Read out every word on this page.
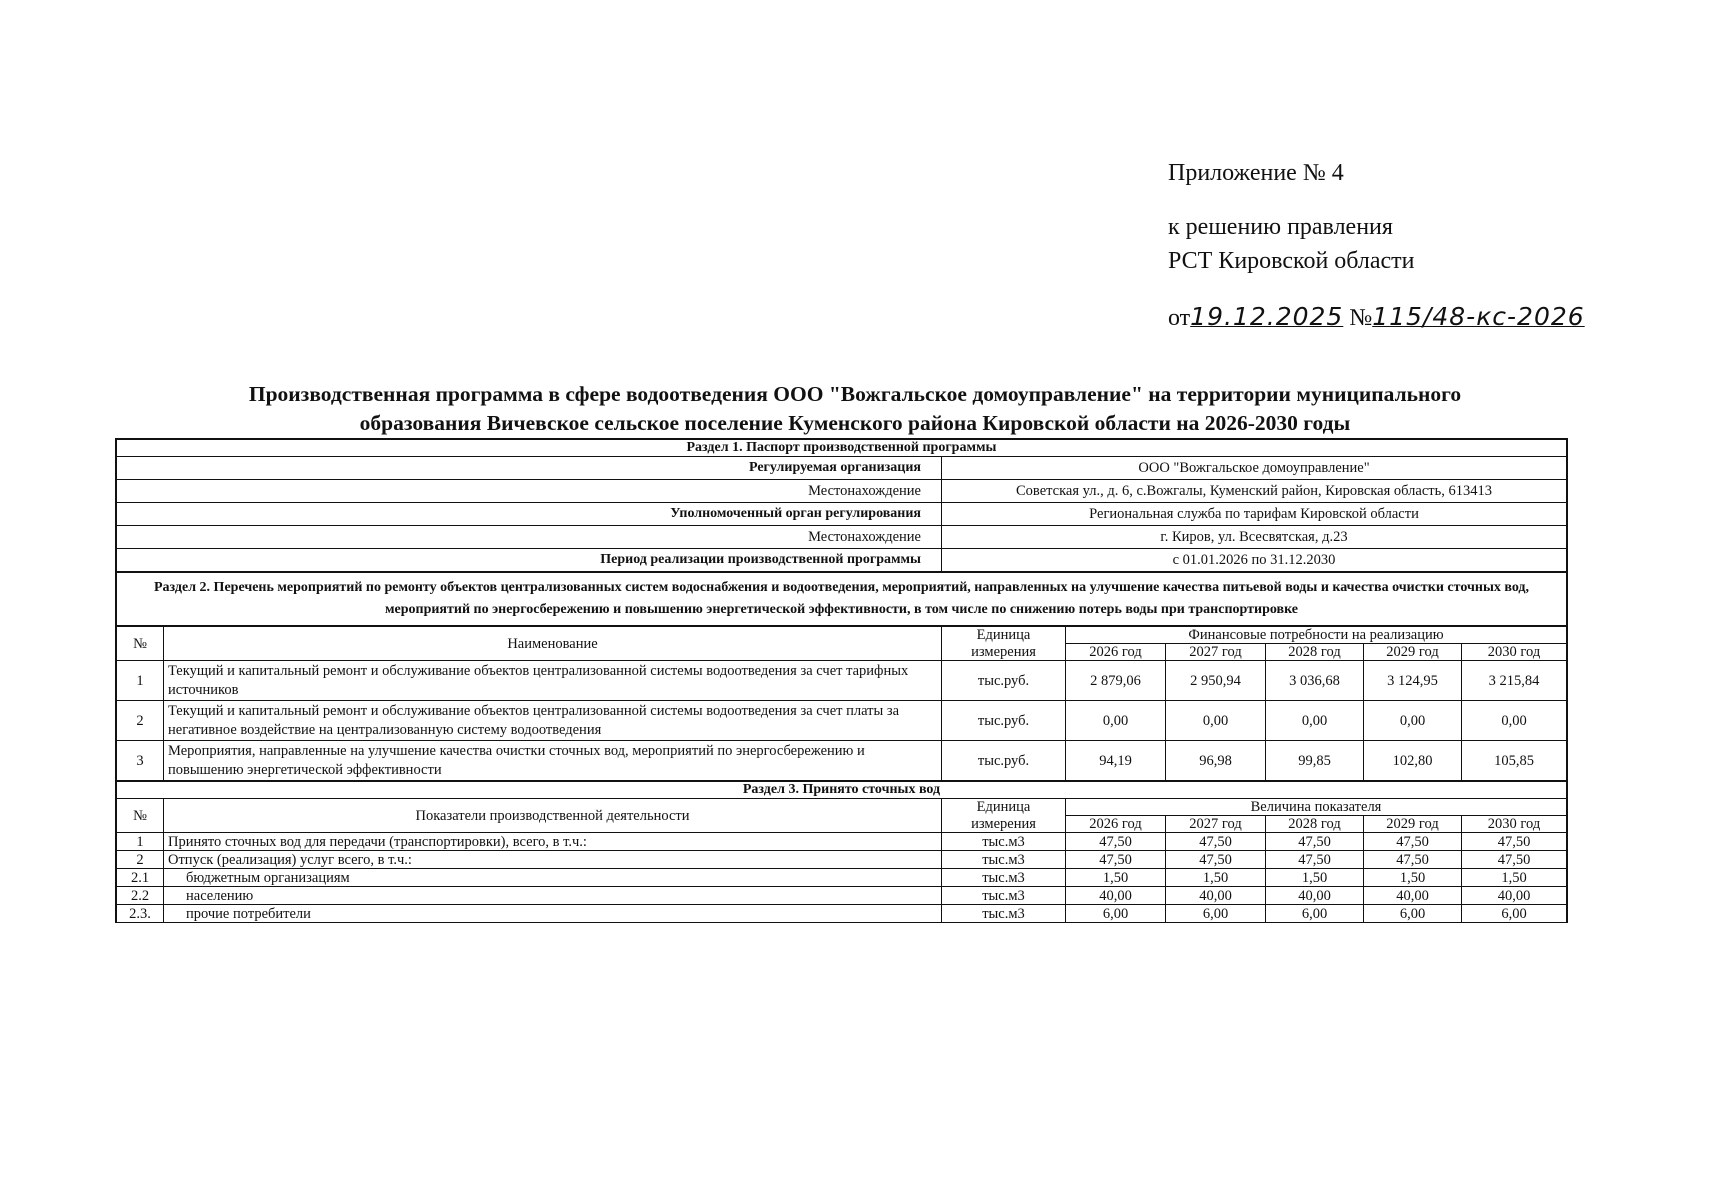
Приложение № 4
к решению правления
РСТ Кировской области
от19.12.2025 №115/48-кс-2026
Производственная программа в сфере водоотведения ООО "Вожгальское домоуправление" на территории муниципального
образования Вичевское сельское поселение Куменского района Кировской области на 2026-2030 годы
Раздел 1. Паспорт производственной программы	
Регулируемая организация	ООО "Вожгальское домоуправление"
Местонахождение	Советская ул., д. 6, с.Вожгалы, Куменский район, Кировская область, 613413
Уполномоченный орган регулирования	Региональная служба по тарифам Кировской области
Местонахождение	г. Киров, ул. Всесвятская, д.23
Период реализации производственной программы	с 01.01.2026 по 31.12.2030
Раздел 2. Перечень мероприятий по ремонту объектов централизованных систем водоснабжения и водоотведения, мероприятий, направленных на улучшение качества питьевой воды и качества очистки сточных вод, мероприятий по энергосбережению и повышению энергетической эффективности, в том числе по снижению потерь воды при транспортировке
№	Наименование	Единица	Финансовые потребности на реализацию				
		измерения	2026 год	2027 год	2028 год	2029 год	2030 год
1	Текущий и капитальный ремонт и обслуживание объектов централизованной системы водоотведения за счет тарифных источников	тыс.руб.	2 879,06	2 950,94	3 036,68	3 124,95	3 215,84
2	Текущий и капитальный ремонт и обслуживание объектов централизованной системы водоотведения за счет платы за негативное воздействие на централизованную систему водоотведения	тыс.руб.	0,00	0,00	0,00	0,00	0,00
3	Мероприятия, направленные на улучшение качества очистки сточных вод, мероприятий по энергосбережению и повышению энергетической эффективности	тыс.руб.	94,19	96,98	99,85	102,80	105,85
Раздел 3. Принято сточных вод							
№	Показатели производственной деятельности	Единица	Величина показателя				
		измерения	2026 год	2027 год	2028 год	2029 год	2030 год
1	Принято сточных вод для передачи (транспортировки), всего, в т.ч.:	тыс.м3	47,50	47,50	47,50	47,50	47,50
2	Отпуск (реализация) услуг всего, в т.ч.:	тыс.м3	47,50	47,50	47,50	47,50	47,50
2.1	бюджетным организациям	тыс.м3	1,50	1,50	1,50	1,50	1,50
2.2	населению	тыс.м3	40,00	40,00	40,00	40,00	40,00
2.3.	прочие потребители	тыс.м3	6,00	6,00	6,00	6,00	6,00
